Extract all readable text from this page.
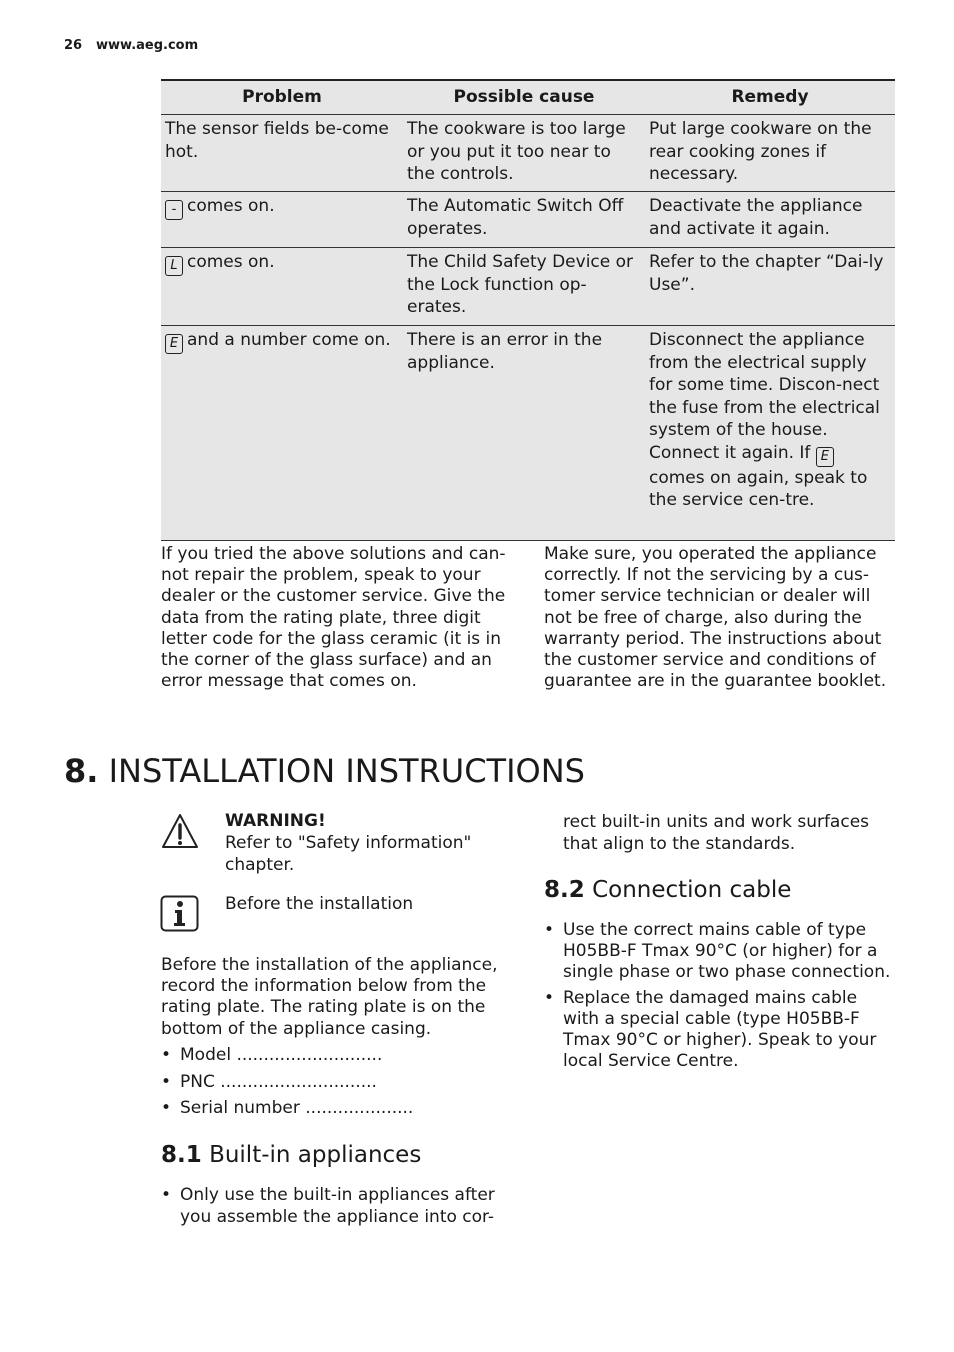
26 www.aeg.com
Problem	Possible cause	Remedy
The sensor fields be-come hot.	The cookware is too large or you put it too near to the controls.	Put large cookware on the rear cooking zones if necessary.
- comes on.	The Automatic Switch Off operates.	Deactivate the appliance and activate it again.
L comes on.	The Child Safety Device or the Lock function op-erates.	Refer to the chapter “Dai-ly Use”.
E and a number come on.	There is an error in the appliance.	Disconnect the appliance from the electrical supply for some time. Discon-nect the fuse from the electrical system of the house. Connect it again. If Ecomes on again, speak to the service cen-tre.
If you tried the above solutions and can-not repair the problem, speak to your dealer or the customer service. Give the data from the rating plate, three digit letter code for the glass ceramic (it is in the corner of the glass surface) and an error message that comes on.
Make sure, you operated the appliance correctly. If not the servicing by a cus-tomer service technician or dealer will not be free of charge, also during the warranty period. The instructions about the customer service and conditions of guarantee are in the guarantee booklet.
8. INSTALLATION INSTRUCTIONS
WARNING!
Refer to "Safety information" chapter.
Before the installation
Before the installation of the appliance, record the information below from the rating plate. The rating plate is on the bottom of the appliance casing.
• Model ...........................
• PNC .............................
• Serial number ....................
8.1 Built-in appliances
• Only use the built-in appliances after you assemble the appliance into cor-
rect built-in units and work surfaces that align to the standards.
8.2 Connection cable
• Use the correct mains cable of type H05BB-F Tmax 90°C (or higher) for a single phase or two phase connection.
• Replace the damaged mains cable with a special cable (type H05BB-F Tmax 90°C or higher). Speak to your local Service Centre.
